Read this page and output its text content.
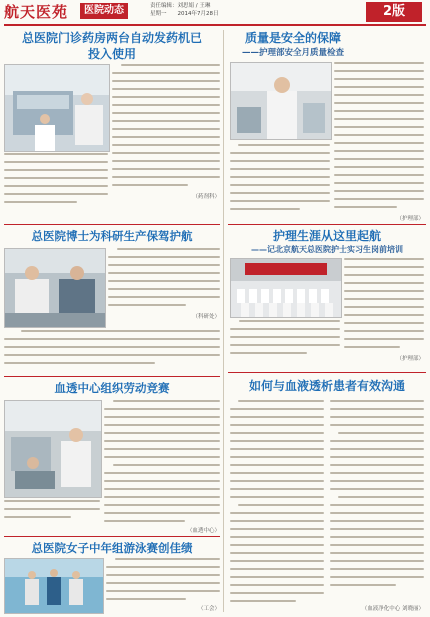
航天医苑	医院动态	责任编辑：刘思娟 / 王琳
星期一　　2014年7月28日	2版
总医院门诊药房两台自动发药机已
投入使用
（药剂科）
总医院博士为科研生产保驾护航
（科研处）
血透中心组织劳动竞赛
（血透中心）
总医院女子中年组游泳赛创佳绩
（工会）
质量是安全的保障
——护理部安全月质量检查
（护理部）
护理生涯从这里起航
——记北京航天总医院护士实习生岗前培训
（护理部）
如何与血液透析患者有效沟通
（血液净化中心 刘晓丽）
